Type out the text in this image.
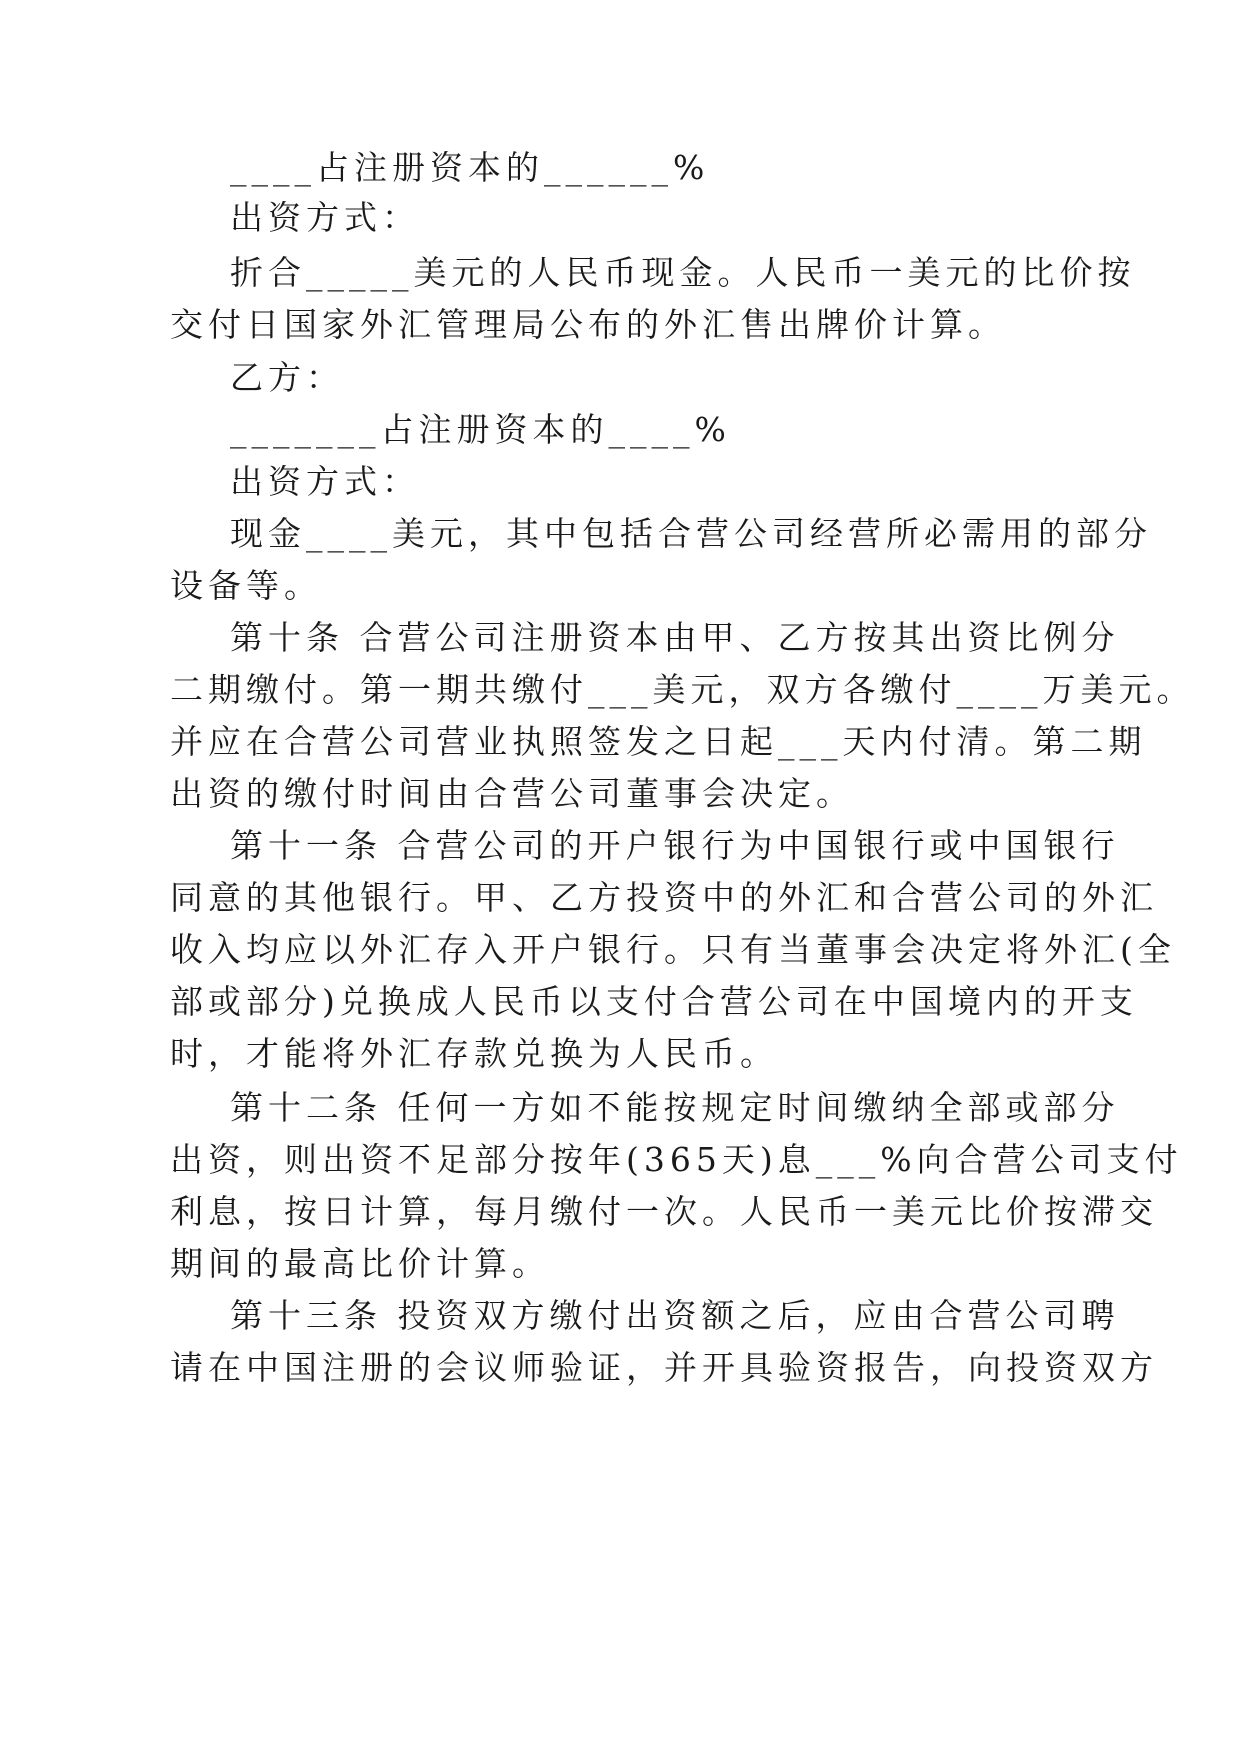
____占注册资本的______%
出资方式：
折合_____美元的人民币现金。人民币一美元的比价按
交付日国家外汇管理局公布的外汇售出牌价计算。
乙方：
_______占注册资本的____%
出资方式：
现金____美元，其中包括合营公司经营所必需用的部分
设备等。
第十条 合营公司注册资本由甲、乙方按其出资比例分
二期缴付。第一期共缴付___美元，双方各缴付____万美元。
并应在合营公司营业执照签发之日起___天内付清。第二期
出资的缴付时间由合营公司董事会决定。
第十一条 合营公司的开户银行为中国银行或中国银行
同意的其他银行。甲、乙方投资中的外汇和合营公司的外汇
收入均应以外汇存入开户银行。只有当董事会决定将外汇(全
部或部分)兑换成人民币以支付合营公司在中国境内的开支
时，才能将外汇存款兑换为人民币。
第十二条 任何一方如不能按规定时间缴纳全部或部分
出资，则出资不足部分按年(365天)息___%向合营公司支付
利息，按日计算，每月缴付一次。人民币一美元比价按滞交
期间的最高比价计算。
第十三条 投资双方缴付出资额之后，应由合营公司聘
请在中国注册的会议师验证，并开具验资报告，向投资双方
